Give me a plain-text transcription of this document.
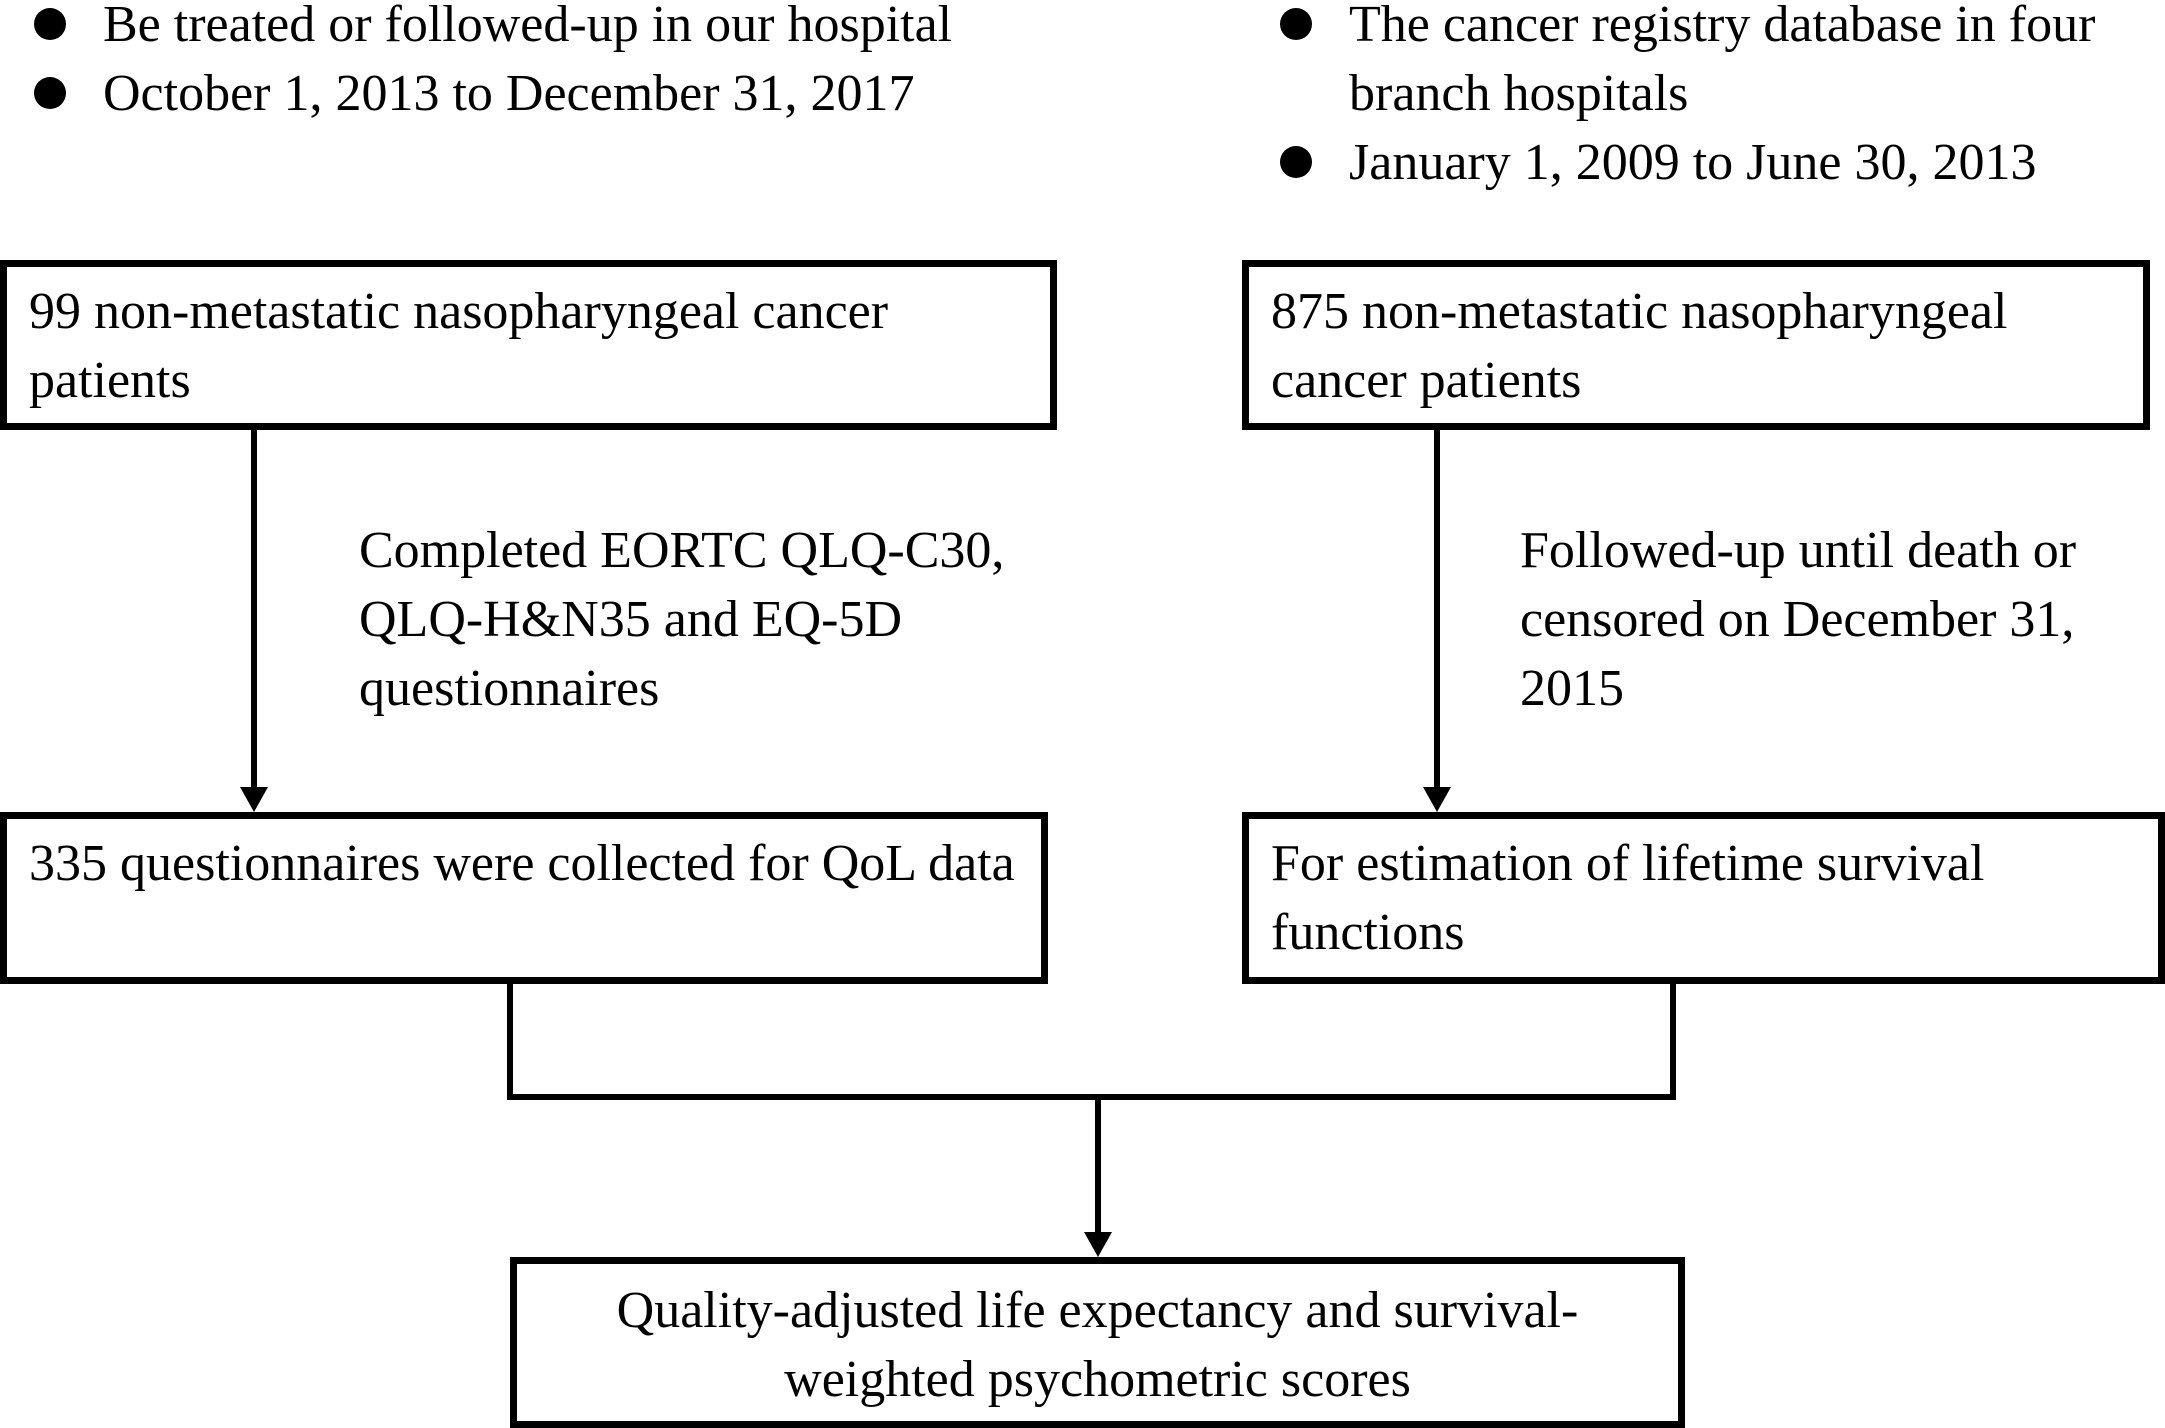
Be treated or followed-up in our hospital
October 1, 2013 to December 31, 2017
The cancer registry database in four branch hospitals
January 1, 2009 to June 30, 2013
99 non-metastatic nasopharyngeal cancer patients
875 non-metastatic nasopharyngeal cancer patients

Completed EORTC QLQ-C30, QLQ-H&N35 and EQ-5D questionnaires

Followed-up until death or censored on December 31, 2015

335 questionnaires were collected for QoL data	For estimation of lifetime survival functions
Quality-adjusted life expectancy and survival-weighted psychometric scores
